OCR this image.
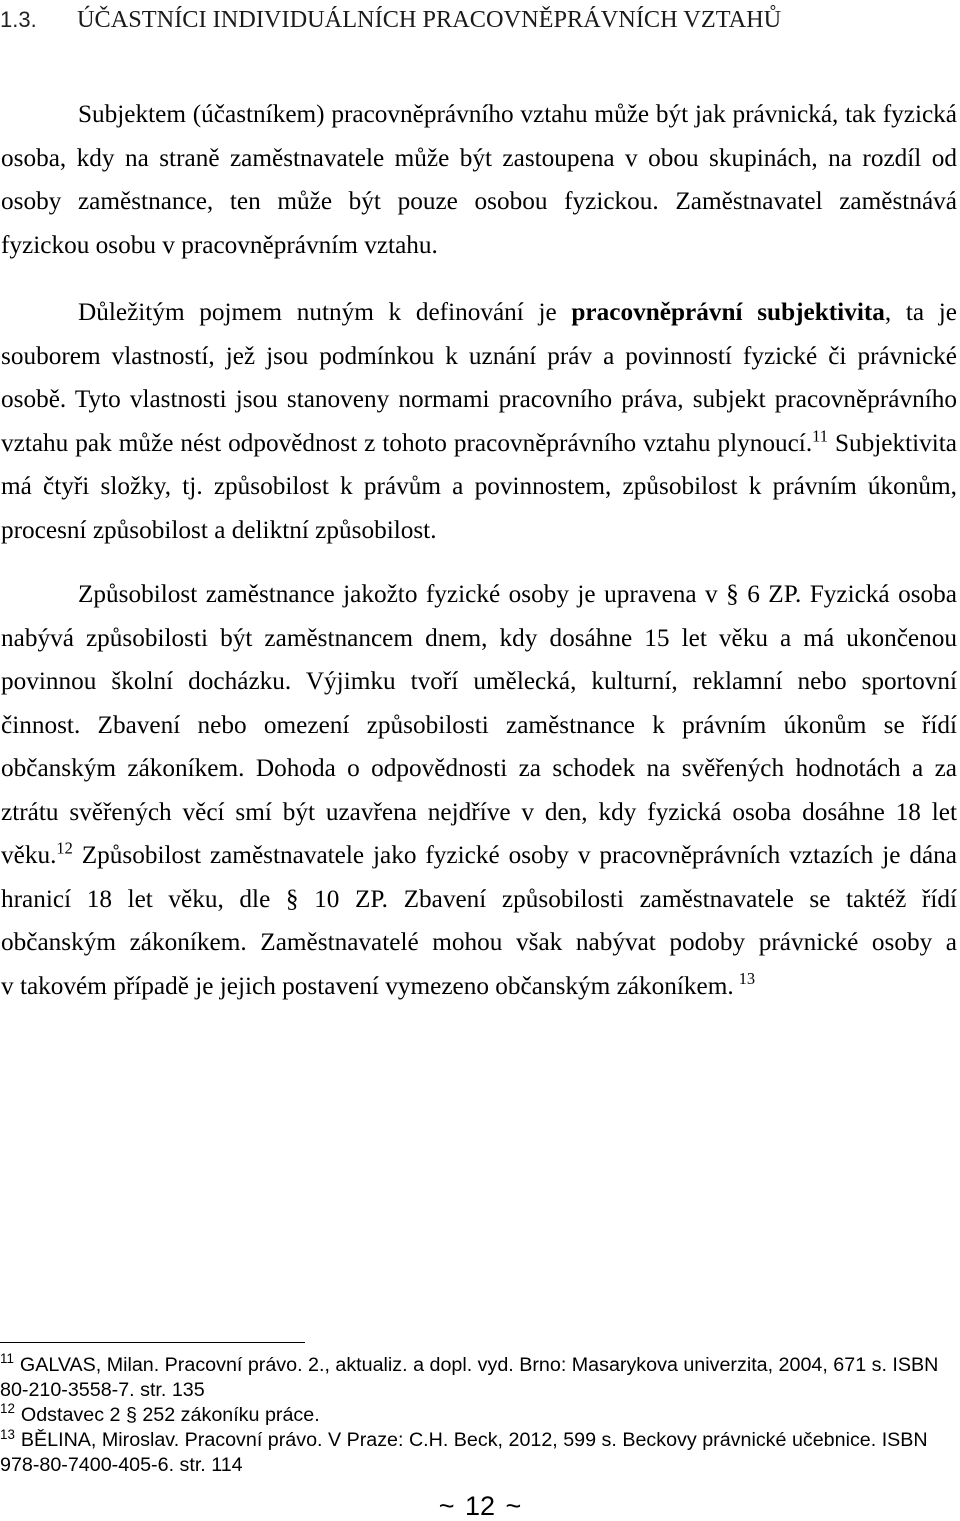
1.3. ÚČASTNÍCI INDIVIDUÁLNÍCH PRACOVNĚPRÁVNÍCH VZTAHŮ
Subjektem (účastníkem) pracovněprávního vztahu může být jak právnická, tak fyzická
osoba, kdy na straně zaměstnavatele může být zastoupena v obou skupinách, na rozdíl od
osoby zaměstnance, ten může být pouze osobou fyzickou. Zaměstnavatel zaměstnává
fyzickou osobu v pracovněprávním vztahu.
Důležitým pojmem nutným k definování je pracovněprávní subjektivita, ta je
souborem vlastností, jež jsou podmínkou k uznání práv a povinností fyzické či právnické
osobě. Tyto vlastnosti jsou stanoveny normami pracovního práva, subjekt pracovněprávního
vztahu pak může nést odpovědnost z tohoto pracovněprávního vztahu plynoucí.$^{11}$ Subjektivita
má čtyři složky, tj. způsobilost k právům a povinnostem, způsobilost k právním úkonům,
procesní způsobilost a deliktní způsobilost.
Způsobilost zaměstnance jakožto fyzické osoby je upravena v § 6 ZP. Fyzická osoba
nabývá způsobilosti být zaměstnancem dnem, kdy dosáhne 15 let věku a má ukončenou
povinnou školní docházku. Výjimku tvoří umělecká, kulturní, reklamní nebo sportovní
činnost. Zbavení nebo omezení způsobilosti zaměstnance k právním úkonům se řídí
občanským zákoníkem. Dohoda o odpovědnosti za schodek na svěřených hodnotách a za
ztrátu svěřených věcí smí být uzavřena nejdříve v den, kdy fyzická osoba dosáhne 18 let
věku.$^{12}$ Způsobilost zaměstnavatele jako fyzické osoby v pracovněprávních vztazích je dána
hranicí 18 let věku, dle § 10 ZP. Zbavení způsobilosti zaměstnavatele se taktéž řídí
občanským zákoníkem. Zaměstnavatelé mohou však nabývat podoby právnické osoby a
v takovém případě je jejich postavení vymezeno občanským zákoníkem. $^{13}$
$^{11}$ GALVAS, Milan. Pracovní právo. 2., aktualiz. a dopl. vyd. Brno: Masarykova univerzita, 2004, 671 s. ISBN
80-210-3558-7. str. 135
$^{12}$ Odstavec 2 § 252 zákoníku práce.
$^{13}$ BĚLINA, Miroslav. Pracovní právo. V Praze: C.H. Beck, 2012, 599 s. Beckovy právnické učebnice. ISBN
978-80-7400-405-6. str. 114
~ 12 ~
